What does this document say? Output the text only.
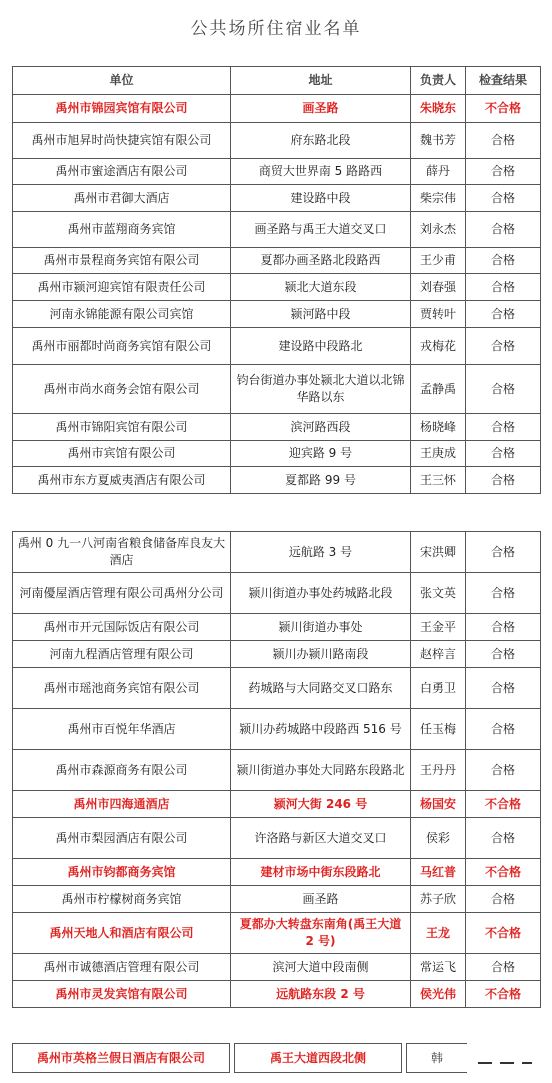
公共场所住宿业名单
单位	地址	负责人	检查结果
禹州市锦园宾馆有限公司	画圣路	朱晓东	不合格
禹州市旭昇时尚快捷宾馆有限公司	府东路北段	魏书芳	合格
禹州市蜜途酒店有限公司	商贸大世界南 5 路路西	薛丹	合格
禹州市君御大酒店	建设路中段	柴宗伟	合格
禹州市蓝翔商务宾馆	画圣路与禹王大道交叉口	刘永杰	合格
禹州市景程商务宾馆有限公司	夏都办画圣路北段路西	王少甫	合格
禹州市颍河迎宾馆有限责任公司	颍北大道东段	刘春强	合格
河南永锦能源有限公司宾馆	颍河路中段	贾转叶	合格
禹州市丽都时尚商务宾馆有限公司	建设路中段路北	戎梅花	合格
禹州市尚水商务会馆有限公司	钧台街道办事处颍北大道以北锦华路以东	孟静禹	合格
禹州市锦阳宾馆有限公司	滨河路西段	杨晓峰	合格
禹州市宾馆有限公司	迎宾路 9 号	王庚成	合格
禹州市东方夏威夷酒店有限公司	夏都路 99 号	王三怀	合格
禹州 0 九一八河南省粮食储备库良友大酒店	远航路 3 号	宋洪卿	合格
河南優屋酒店管理有限公司禹州分公司	颍川街道办事处药城路北段	张文英	合格
禹州市开元国际饭店有限公司	颍川街道办事处	王金平	合格
河南九程酒店管理有限公司	颍川办颍川路南段	赵梓言	合格
禹州市瑶池商务宾馆有限公司	药城路与大同路交叉口路东	白勇卫	合格
禹州市百悦年华酒店	颍川办药城路中段路西 516 号	任玉梅	合格
禹州市森源商务有限公司	颍川街道办事处大同路东段路北	王丹丹	合格
禹州市四海通酒店	颍河大街 246 号	杨国安	不合格
禹州市梨园酒店有限公司	许洛路与新区大道交叉口	侯彩	合格
禹州市钧都商务宾馆	建材市场中街东段路北	马红普	不合格
禹州市柠檬树商务宾馆	画圣路	苏子欣	合格
禹州天地人和酒店有限公司	夏都办大转盘东南角(禹王大道 2 号)	王龙	不合格
禹州市诚德酒店管理有限公司	滨河大道中段南侧	常运飞	合格
禹州市灵发宾馆有限公司	远航路东段 2 号	侯光伟	不合格
禹州市英格兰假日酒店有限公司	禹王大道西段北侧	韩
